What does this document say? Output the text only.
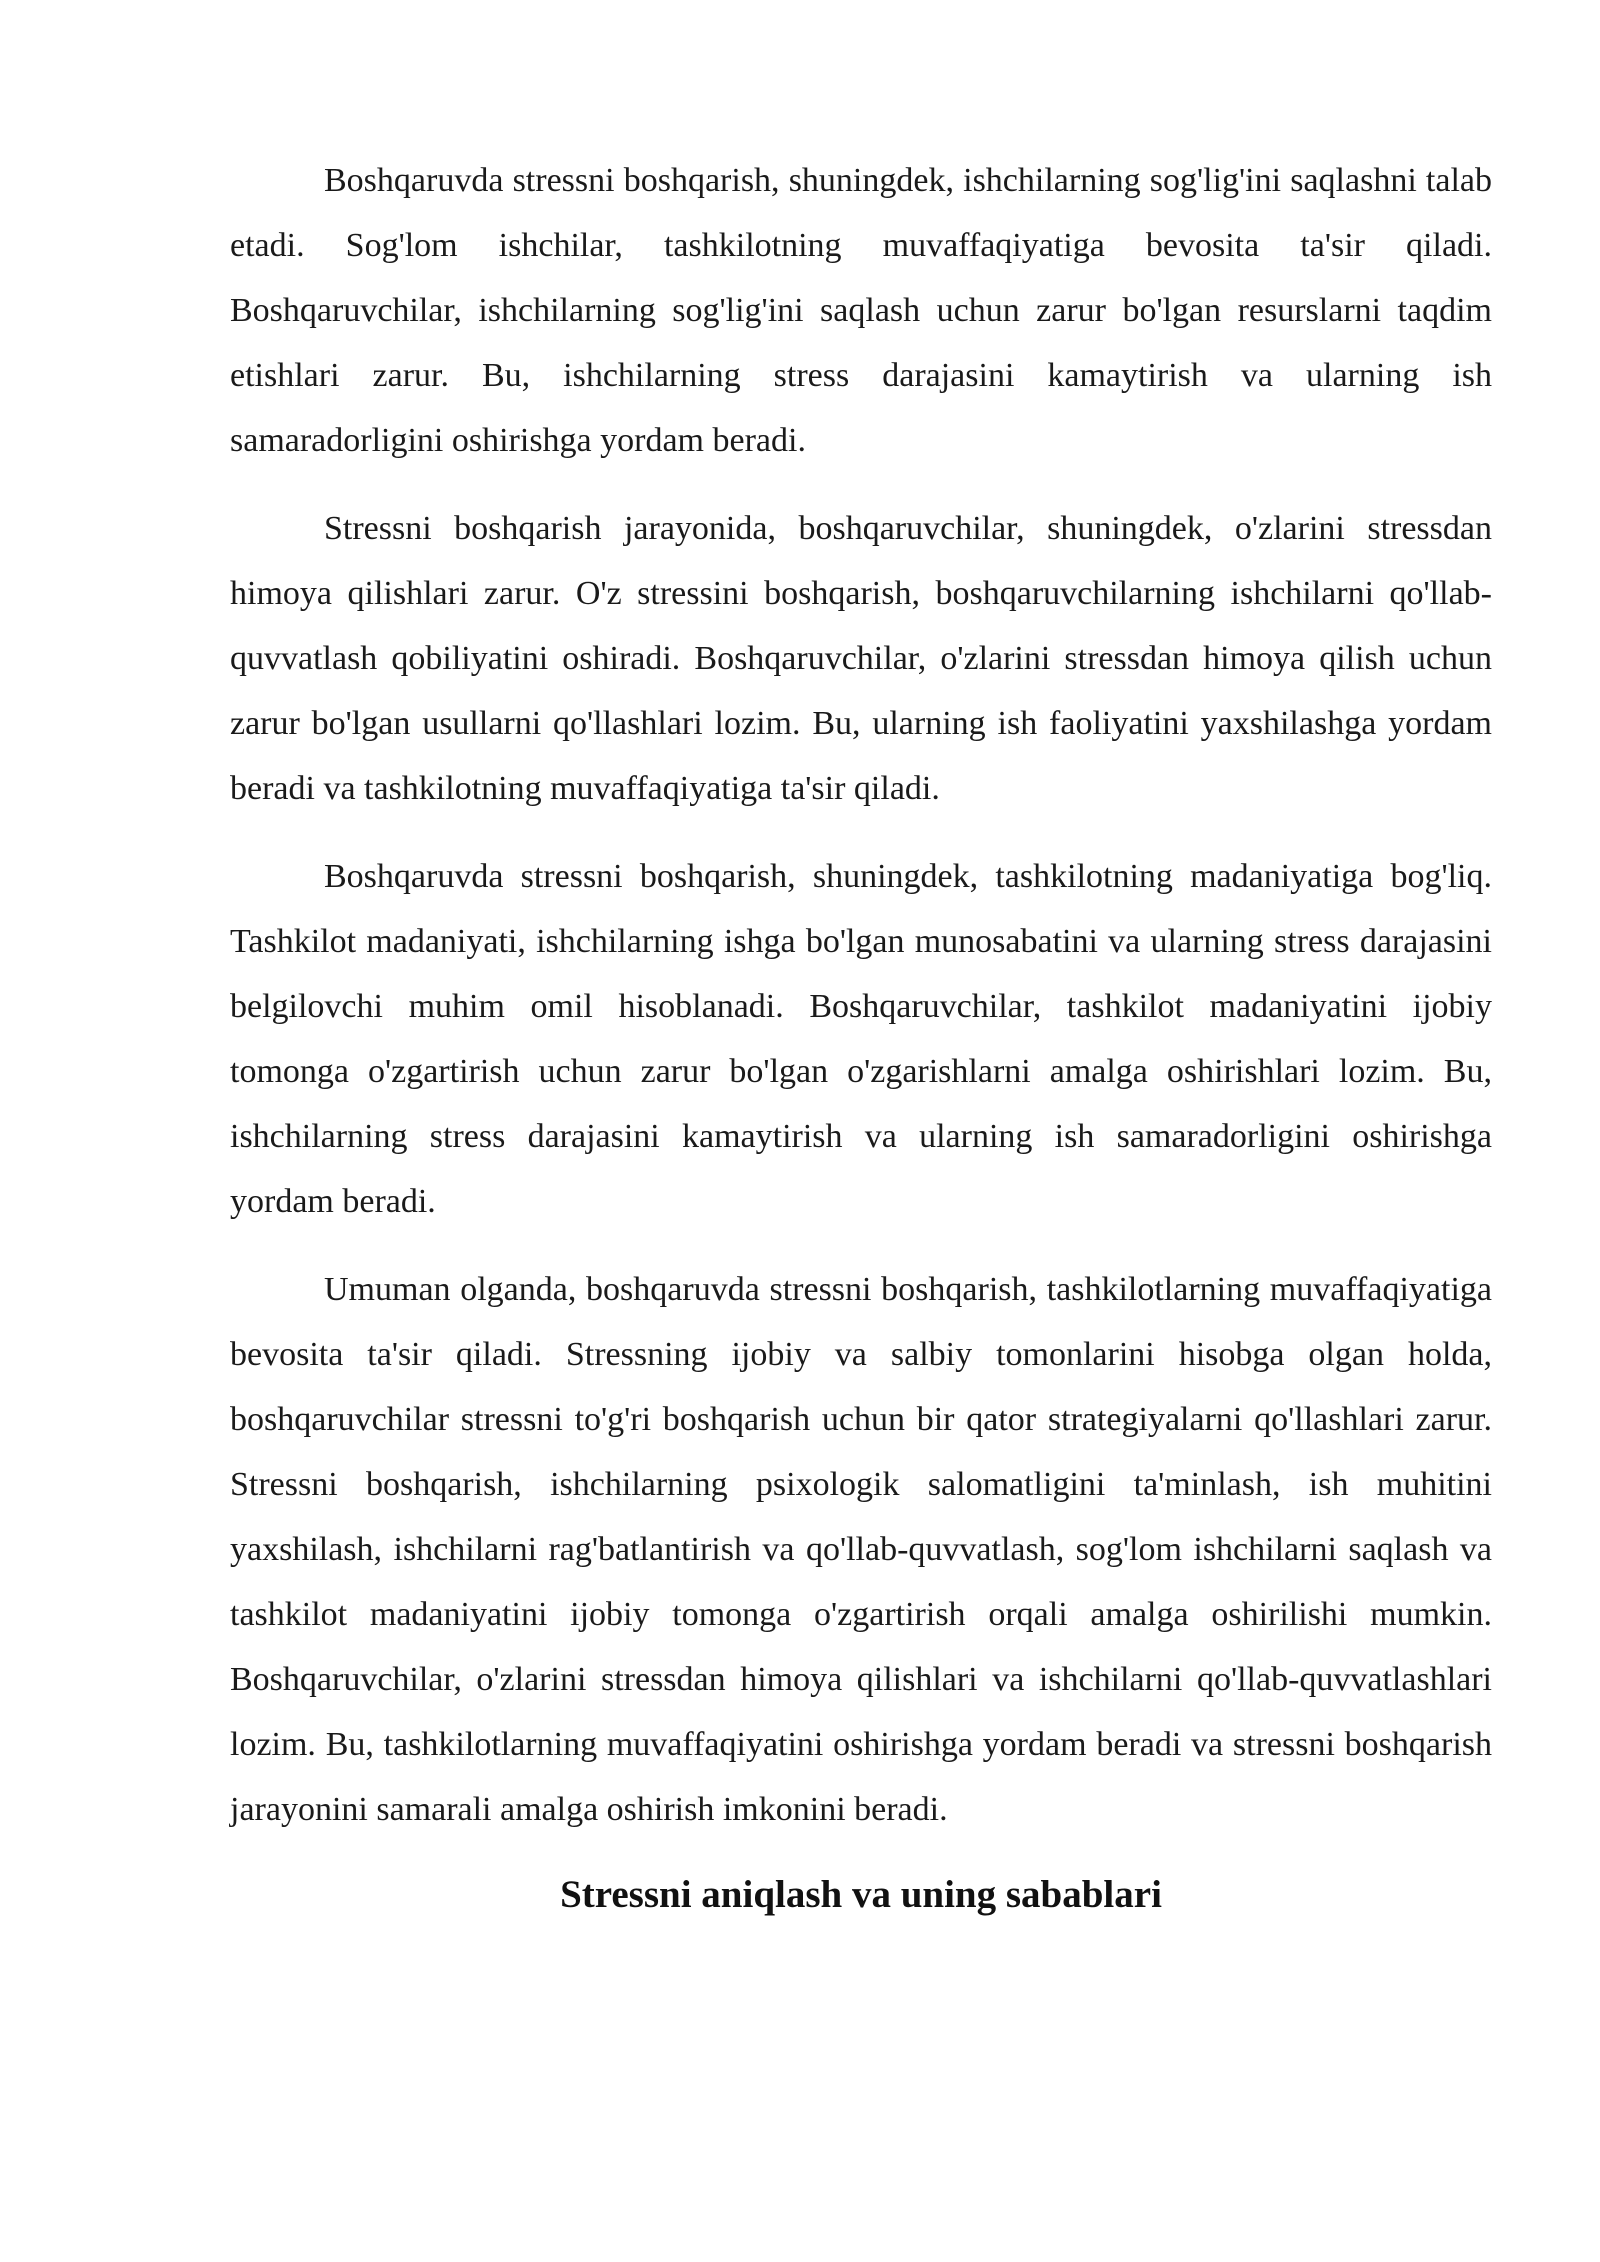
Boshqaruvda stressni boshqarish, shuningdek, ishchilarning sog'lig'ini saqlashni talab etadi. Sog'lom ishchilar, tashkilotning muvaffaqiyatiga bevosita ta'sir qiladi. Boshqaruvchilar, ishchilarning sog'lig'ini saqlash uchun zarur bo'lgan resurslarni taqdim etishlari zarur. Bu, ishchilarning stress darajasini kamaytirish va ularning ish samaradorligini oshirishga yordam beradi.

Stressni boshqarish jarayonida, boshqaruvchilar, shuningdek, o'zlarini stressdan himoya qilishlari zarur. O'z stressini boshqarish, boshqaruvchilarning ishchilarni qo'llab-quvvatlash qobiliyatini oshiradi. Boshqaruvchilar, o'zlarini stressdan himoya qilish uchun zarur bo'lgan usullarni qo'llashlari lozim. Bu, ularning ish faoliyatini yaxshilashga yordam beradi va tashkilotning muvaffaqiyatiga ta'sir qiladi.

Boshqaruvda stressni boshqarish, shuningdek, tashkilotning madaniyatiga bog'liq. Tashkilot madaniyati, ishchilarning ishga bo'lgan munosabatini va ularning stress darajasini belgilovchi muhim omil hisoblanadi. Boshqaruvchilar, tashkilot madaniyatini ijobiy tomonga o'zgartirish uchun zarur bo'lgan o'zgarishlarni amalga oshirishlari lozim. Bu, ishchilarning stress darajasini kamaytirish va ularning ish samaradorligini oshirishga yordam beradi.

Umuman olganda, boshqaruvda stressni boshqarish, tashkilotlarning muvaffaqiyatiga bevosita ta'sir qiladi. Stressning ijobiy va salbiy tomonlarini hisobga olgan holda, boshqaruvchilar stressni to'g'ri boshqarish uchun bir qator strategiyalarni qo'llashlari zarur. Stressni boshqarish, ishchilarning psixologik salomatligini ta'minlash, ish muhitini yaxshilash, ishchilarni rag'batlantirish va qo'llab-quvvatlash, sog'lom ishchilarni saqlash va tashkilot madaniyatini ijobiy tomonga o'zgartirish orqali amalga oshirilishi mumkin. Boshqaruvchilar, o'zlarini stressdan himoya qilishlari va ishchilarni qo'llab-quvvatlashlari lozim. Bu, tashkilotlarning muvaffaqiyatini oshirishga yordam beradi va stressni boshqarish jarayonini samarali amalga oshirish imkonini beradi.

Stressni aniqlash va uning sabablari
